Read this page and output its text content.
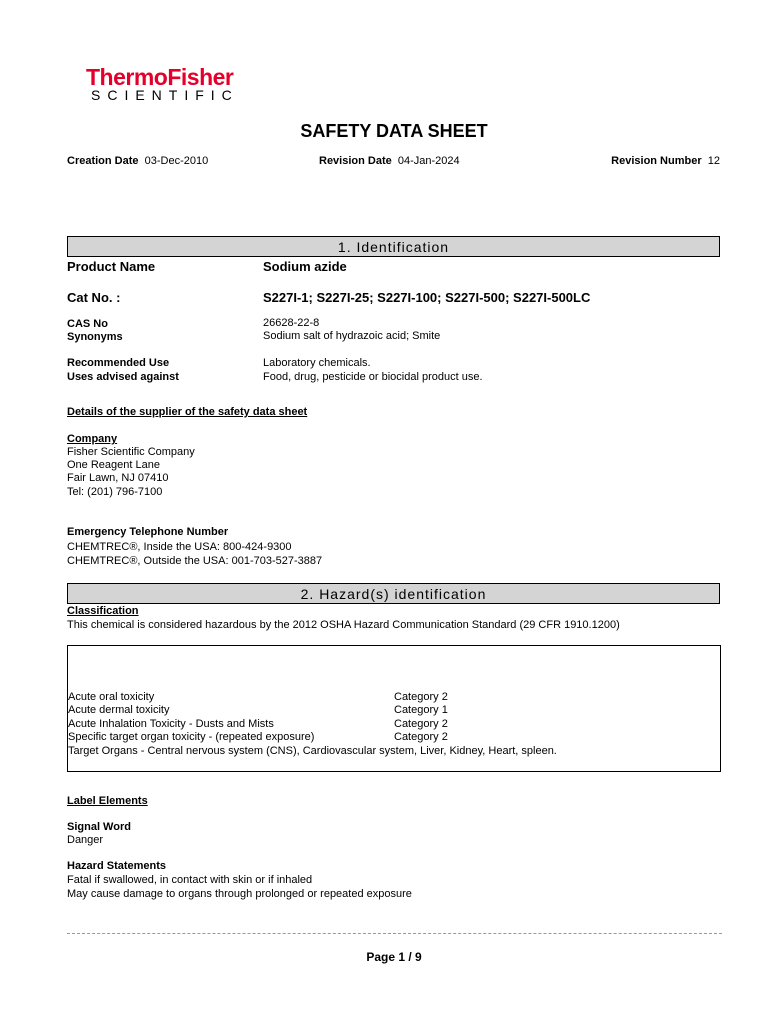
ThermoFisher
SCIENTIFIC
SAFETY DATA SHEET
Creation Date 03-Dec-2010	Revision Date 04-Jan-2024	Revision Number 12
1. Identification
Product Name	Sodium azide
Cat No. :	S227I-1; S227I-25; S227I-100; S227I-500; S227I-500LC
CAS No	26628-22-8
Synonyms	Sodium salt of hydrazoic acid; Smite
Recommended Use	Laboratory chemicals.
Uses advised against	Food, drug, pesticide or biocidal product use.
Details of the supplier of the safety data sheet
Company
Fisher Scientific Company
One Reagent Lane
Fair Lawn, NJ 07410
Tel: (201) 796-7100
Emergency Telephone Number
CHEMTREC®, Inside the USA: 800-424-9300
CHEMTREC®, Outside the USA: 001-703-527-3887
2. Hazard(s) identification
Classification
This chemical is considered hazardous by the 2012 OSHA Hazard Communication Standard (29 CFR 1910.1200)
Acute oral toxicity	Category 2
Acute dermal toxicity	Category 1
Acute Inhalation Toxicity - Dusts and Mists	Category 2
Specific target organ toxicity - (repeated exposure)	Category 2
Target Organs - Central nervous system (CNS), Cardiovascular system, Liver, Kidney, Heart, spleen.
Label Elements
Signal Word
Danger
Hazard Statements
Fatal if swallowed, in contact with skin or if inhaled
May cause damage to organs through prolonged or repeated exposure
Page 1 / 9
